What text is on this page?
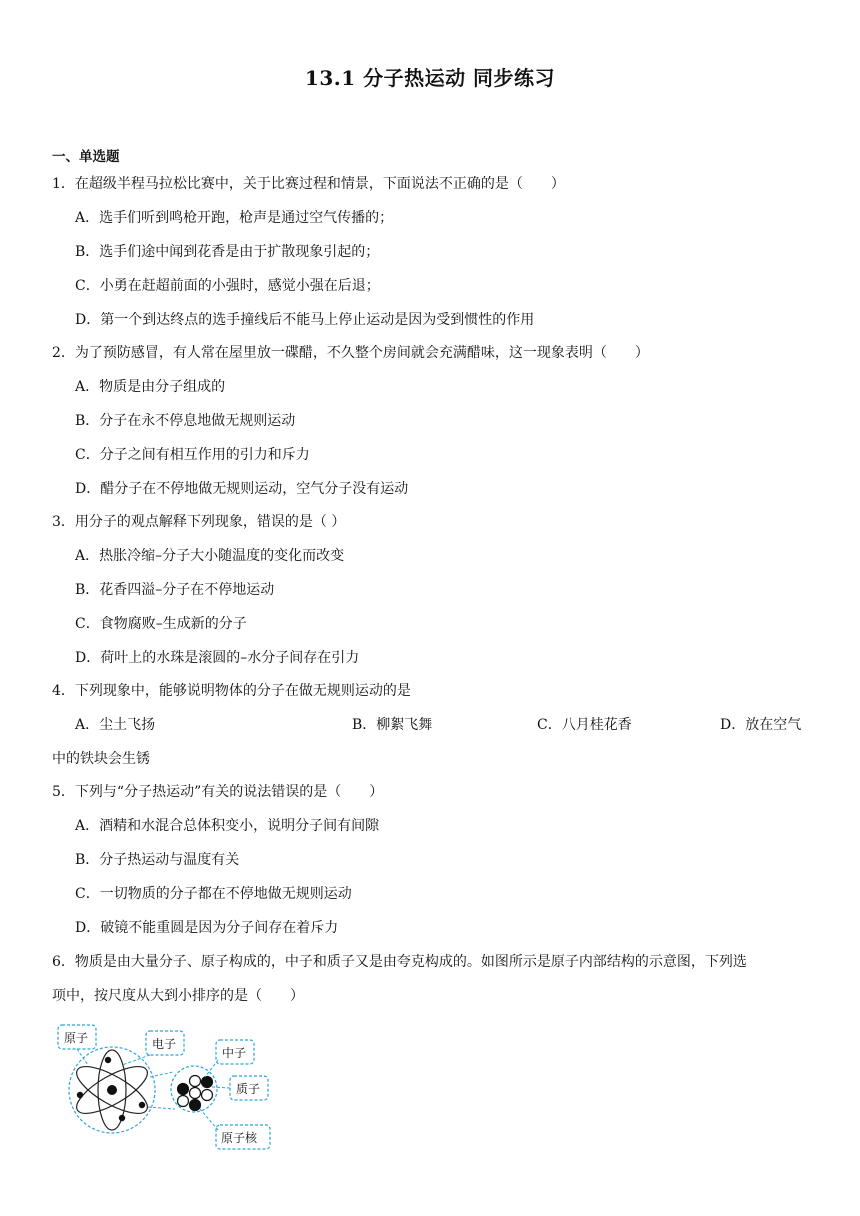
13.1 分子热运动 同步练习
一、单选题
1．在超级半程马拉松比赛中，关于比赛过程和情景，下面说法不正确的是（　　）
A．选手们听到鸣枪开跑，枪声是通过空气传播的；
B．选手们途中闻到花香是由于扩散现象引起的；
C．小勇在赶超前面的小强时，感觉小强在后退；
D．第一个到达终点的选手撞线后不能马上停止运动是因为受到惯性的作用
2．为了预防感冒，有人常在屋里放一碟醋，不久整个房间就会充满醋味，这一现象表明（　　）
A．物质是由分子组成的
B．分子在永不停息地做无规则运动
C．分子之间有相互作用的引力和斥力
D．醋分子在不停地做无规则运动，空气分子没有运动
3．用分子的观点解释下列现象，错误的是（ ）
A．热胀冷缩–分子大小随温度的变化而改变
B．花香四溢–分子在不停地运动
C．食物腐败–生成新的分子
D．荷叶上的水珠是滚圆的–水分子间存在引力
4．下列现象中，能够说明物体的分子在做无规则运动的是
A．尘土飞扬	B．柳絮飞舞	C．八月桂花香	D．放在空气
中的铁块会生锈
5．下列与“分子热运动”有关的说法错误的是（　　）
A．酒精和水混合总体积变小，说明分子间有间隙
B．分子热运动与温度有关
C．一切物质的分子都在不停地做无规则运动
D．破镜不能重圆是因为分子间存在着斥力
6．物质是由大量分子、原子构成的，中子和质子又是由夸克构成的。如图所示是原子内部结构的示意图，下列选
项中，按尺度从大到小排序的是（　　）
原子	电子
中子
质子
原子核
